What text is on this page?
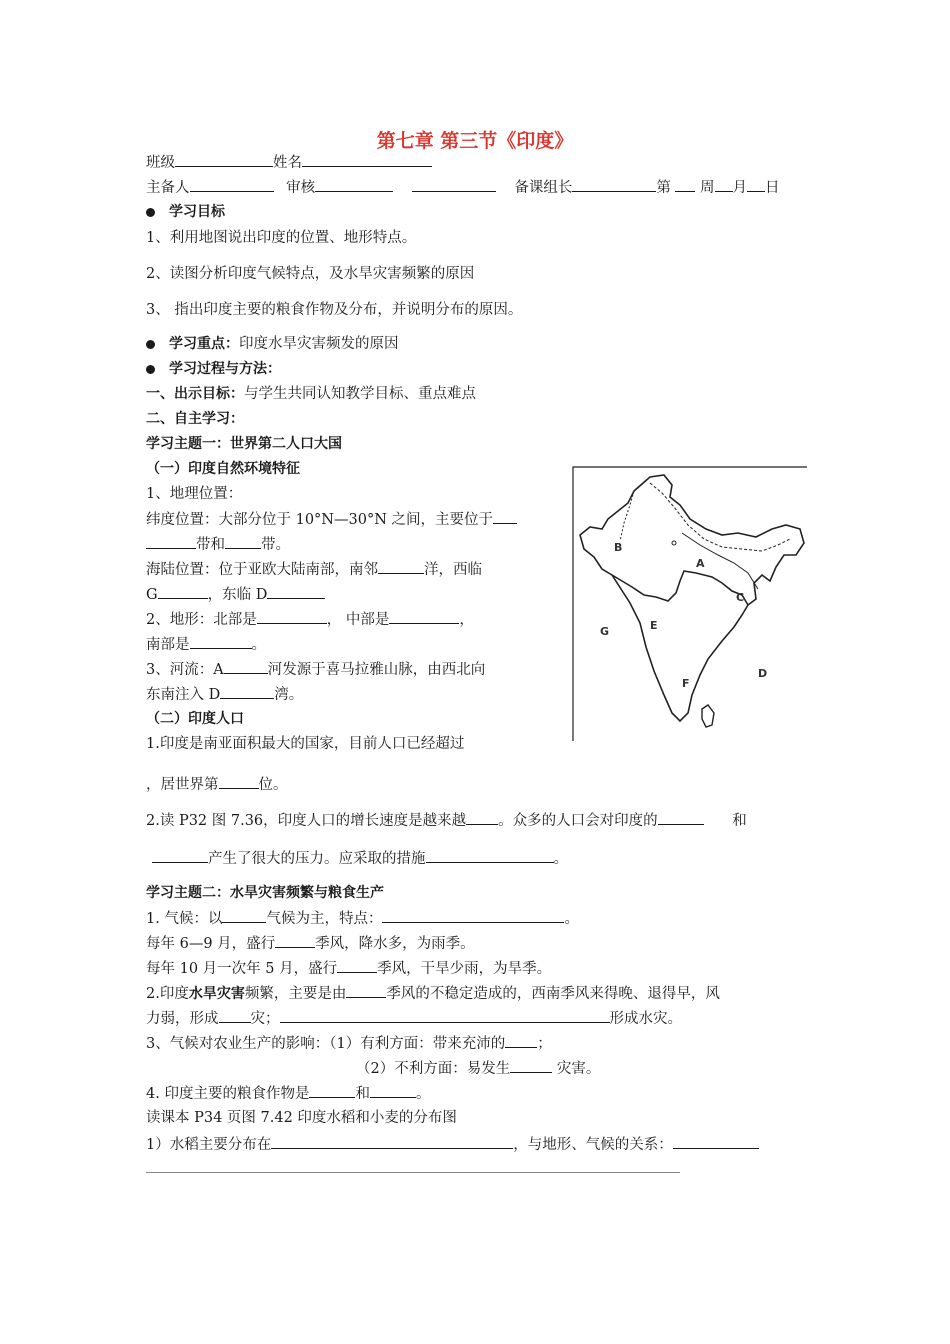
第七章 第三节《印度》
班级	姓名
主备人	审核	备课组长	第 周 月 日
学习目标
1、利用地图说出印度的位置、地形特点。
2、读图分析印度气候特点，及水旱灾害频繁的原因
3、 指出印度主要的粮食作物及分布，并说明分布的原因。
学习重点：印度水旱灾害频发的原因
学习过程与方法：
一、出示目标：与学生共同认知教学目标、重点难点
二、自主学习：
学习主题一：世界第二人口大国
（一）印度自然环境特征
1、地理位置：
纬度位置：大部分位于 10°N—30°N 之间，主要位于
带和 带。
海陆位置：位于亚欧大陆南部，南邻	洋，西临
G	，东临 D
2、地形：北部是	， 中部是	，
南部是	。
3、河流：A	河发源于喜马拉雅山脉，由西北向
东南注入 D	湾。
（二）印度人口
1.印度是南亚面积最大的国家，目前人口已经超过
，居世界第	位。
2.读 P32 图 7.36，印度人口的增长速度是越来越 。众多的人口会对印度的	和
产生了很大的压力。应采取的措施	。
学习主题二：水旱灾害频繁与粮食生产
1. 气候：以	气候为主，特点：	。
每年 6—9 月，盛行	季风，降水多，为雨季。
每年 10 月一次年 5 月，盛行	季风，干旱少雨，为旱季。
2.印度水旱灾害频繁，主要是由	季风的不稳定造成的，西南季风来得晚、退得早，风
力弱，形成 灾；	形成水灾。
3、气候对农业生产的影响：（1）有利方面：带来充沛的 ；
（2）不利方面：易发生	灾害。
4. 印度主要的粮食作物是	和	。
读课本 P34 页图 7.42 印度水稻和小麦的分布图
1）水稻主要分布在	，与地形、气候的关系：
A
B
C
D
E
F
G
